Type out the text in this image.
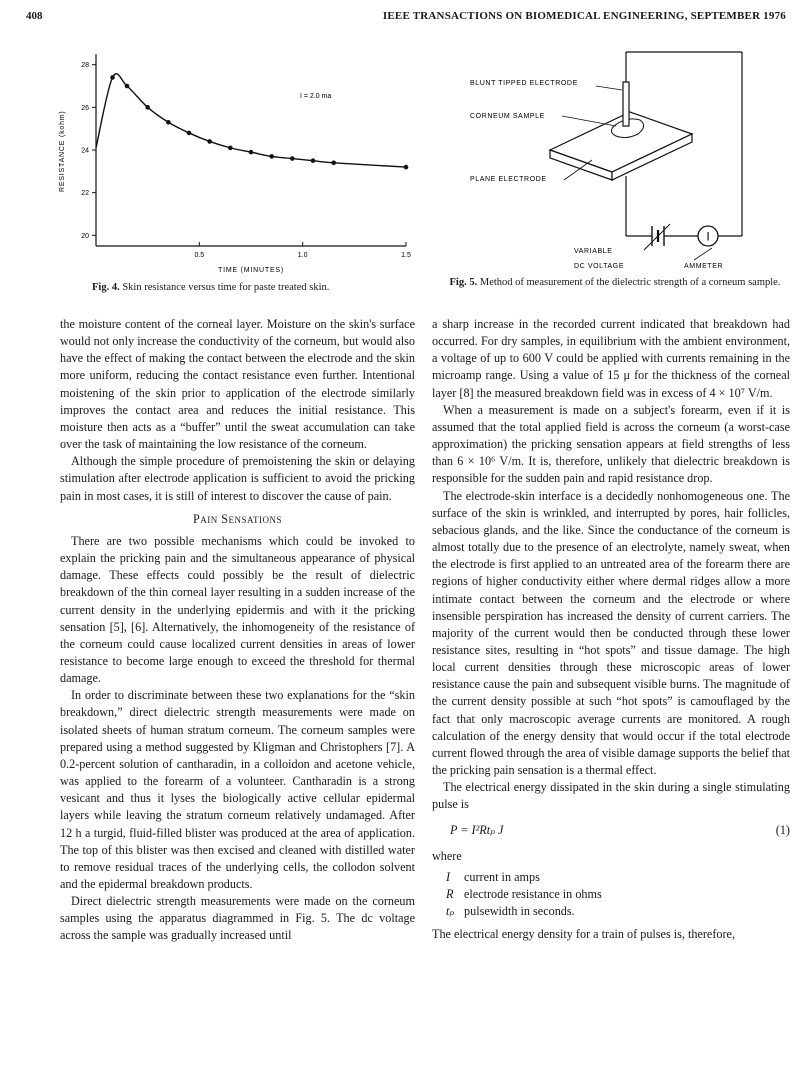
408	IEEE TRANSACTIONS ON BIOMEDICAL ENGINEERING, SEPTEMBER 1976
20
22
24
26
28
0.5	1.0	1.5
RESISTANCE (kohm)
TIME (MINUTES)
I = 2.0 ma
I
BLUNT TIPPED ELECTRODE
CORNEUM SAMPLE
PLANE ELECTRODE
VARIABLE
DC VOLTAGE	AMMETER
Fig. 4. Skin resistance versus time for paste treated skin.	Fig. 5. Method of measurement of the dielectric strength of a corneum sample.

the moisture content of the corneal layer. Moisture on the skin's surface would not only increase the conductivity of the corneum, but would also have the effect of making the contact between the electrode and the skin more uniform, reducing the contact resistance even further. Intentional moistening of the skin prior to application of the electrode similarly improves the contact area and reduces the initial resistance. This moisture then acts as a “buffer” until the sweat accumulation can take over the task of maintaining the low resistance of the corneum.

Although the simple procedure of premoistening the skin or delaying stimulation after electrode application is sufficient to avoid the pricking pain in most cases, it is still of interest to discover the cause of pain.

Pain Sensations

There are two possible mechanisms which could be invoked to explain the pricking pain and the simultaneous appearance of physical damage. These effects could possibly be the result of dielectric breakdown of the thin corneal layer resulting in a sudden increase of the current density in the underlying epidermis and with it the pricking sensation [5], [6]. Alternatively, the inhomogeneity of the resistance of the corneum could cause localized current densities in areas of lower resistance to become large enough to exceed the threshold for thermal damage.

In order to discriminate between these two explanations for the “skin breakdown,” direct dielectric strength measurements were made on isolated sheets of human stratum corneum. The corneum samples were prepared using a method suggested by Kligman and Christophers [7]. A 0.2-percent solution of cantharadin, in a colloidon and acetone vehicle, was applied to the forearm of a volunteer. Cantharadin is a strong vesicant and thus it lyses the biologically active cellular epidermal layers while leaving the stratum corneum relatively undamaged. After 12 h a turgid, fluid-filled blister was produced at the area of application. The top of this blister was then excised and cleaned with distilled water to remove residual traces of the underlying cells, the collodon solvent and the epidermal breakdown products.

Direct dielectric strength measurements were made on the corneum samples using the apparatus diagrammed in Fig. 5. The dc voltage across the sample was gradually increased until

a sharp increase in the recorded current indicated that breakdown had occurred. For dry samples, in equilibrium with the ambient environment, a voltage of up to 600 V could be applied with currents remaining in the microamp range. Using a value of 15 μ for the thickness of the corneal layer [8] the measured breakdown field was in excess of 4 × 10⁷ V/m.

When a measurement is made on a subject's forearm, even if it is assumed that the total applied field is across the corneum (a worst-case approximation) the pricking sensation appears at field strengths of less than 6 × 10⁶ V/m. It is, therefore, unlikely that dielectric breakdown is responsible for the sudden pain and rapid resistance drop.

The electrode-skin interface is a decidedly nonhomogeneous one. The surface of the skin is wrinkled, and interrupted by pores, hair follicles, sebacious glands, and the like. Since the conductance of the corneum is almost totally due to the presence of an electrolyte, namely sweat, when the electrode is first applied to an untreated area of the forearm there are regions of higher conductivity either where dermal ridges allow a more intimate contact between the corneum and the electrode or where insensible perspiration has increased the density of current carriers. The majority of the current would then be conducted through these lower resistance sites, resulting in “hot spots” and tissue damage. The high local current densities through these microscopic areas of lower resistance cause the pain and subsequent visible burns. The magnitude of the current density possible at such “hot spots” is camouflaged by the fact that only macroscopic average currents are monitored. A rough calculation of the energy density that would occur if the total electrode current flowed through the area of visible damage supports the belief that the pricking pain sensation is a thermal effect.

The electrical energy dissipated in the skin during a single stimulating pulse is

P = I²Rtₚ J	(1)

where

I	current in amps
R electrode resistance in ohms
tₚ pulsewidth in seconds.

The electrical energy density for a train of pulses is, therefore,
